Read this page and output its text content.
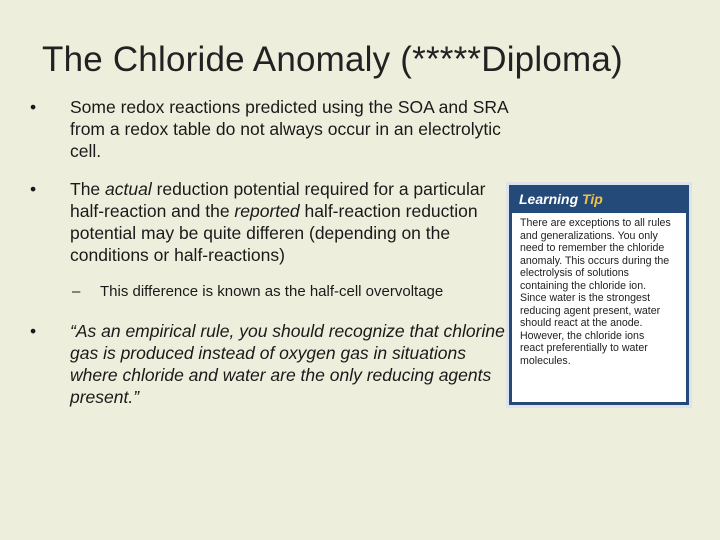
The Chloride Anomaly (*****Diploma)
Learning Tip
There are exceptions to all rules
and generalizations. You only
need to remember the chloride
anomaly. This occurs during the
electrolysis of solutions
containing the chloride ion.
Since water is the strongest
reducing agent present, water
should react at the anode.
However, the chloride ions
react preferentially to water
molecules.
•	Some redox reactions predicted using the SOA and SRA from a redox table do not always occur in an electrolytic cell.
•	The actual reduction potential required for a particular half-reaction and the reported half-reaction reduction potential may be quite differen (depending on the conditions or half-reactions)
– This difference is known as the half-cell overvoltage
•	“As an empirical rule, you should recognize that chlorine gas is produced instead of oxygen gas in situations where chloride and water are the only reducing agents present.”
